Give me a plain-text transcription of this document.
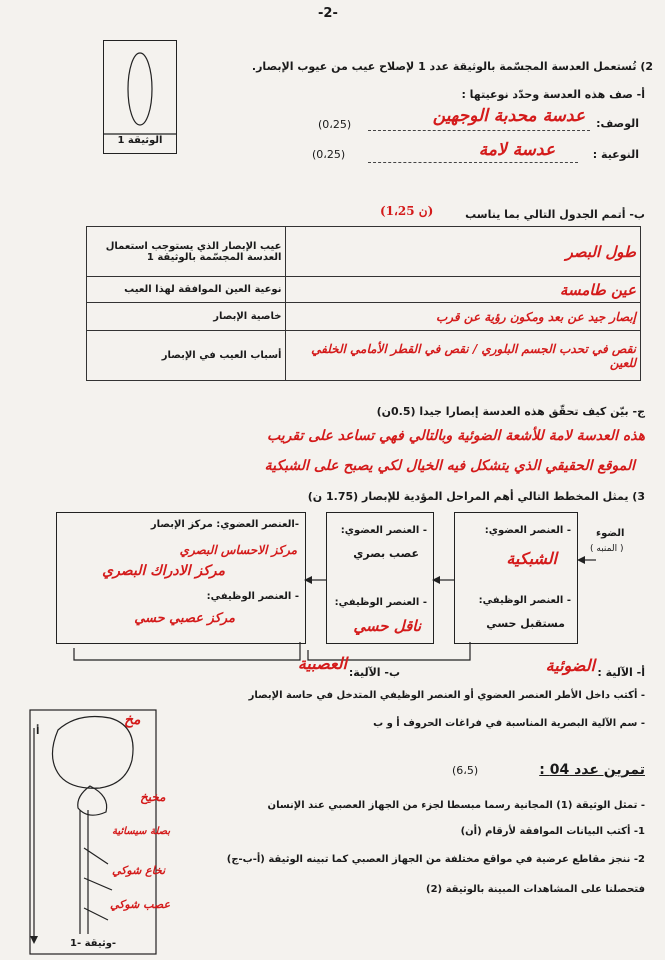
-2-
الوثيقة 1
2) تُستعمل العدسة المجسّمة بالوثيقة عدد 1 لإصلاح عيب من عيوب الإبصار.
أ- صف هذه العدسة وحدّد نوعيتها :
الوصف:
عدسة محدبة الوجهين
(0،25)
النوعية :
عدسة لامة
(0،25)
ب- أتمم الجدول التالي بما يناسب
(1،25 ن)
عيب الإبصار الذي يستوجب استعمال العدسة المجسّمة بالوثيقة 1	طول البصر
نوعية العين الموافقة لهذا العيب	عين طامسة
خاصية الإبصار	إبصار جيد عن بعد ومكون رؤية عن قرب
أسباب العيب في الإبصار	نقص في تحدب الجسم البلوري / نقص في القطر الأمامي الخلفي للعين
ج- بيّن كيف تحقّق هذه العدسة إبصارا جيدا (0.5ن)
هذه العدسة لامة للأشعة الضوئية وبالتالي فهي تساعد على تقريب
الموقع الحقيقي الذي يتشكل فيه الخيال لكي يصبح على الشبكية
3) يمثل المخطط التالي أهم المراحل المؤدية للإبصار (1.75 ن)
الضوء
( المنبه )
- العنصر العضوي:
الشبكية
- العنصر الوظيفي:
مستقبل حسي
- العنصر العضوي:
عصب بصري
- العنصر الوظيفي:
ناقل حسي
-العنصر العضوي: مركز الإبصار
مركز الاحساس البصري
مركز الادراك البصري
- العنصر الوظيفي:
مركز عصبي حسي
أ- الآلية :
الضوئية
ب- الآلية:
العصبية
- أكتب داخل الأطر العنصر العضوي أو العنصر الوظيفي المتدخل في حاسة الإبصار
- سم الآلية البصرية المناسبة في فراغات الحروف أ و ب
تمرين عدد 04 :
(6،5)
- تمثل الوثيقة (1) المجانية رسما مبسطا لجزء من الجهاز العصبي عند الإنسان
1- أكتب البيانات الموافقة لأرقام (أن)
2- ننجز مقاطع عرضية في مواقع مختلفة من الجهاز العصبي كما تبينه الوثيقة (أ-ب-ج)
فتحصلنا على المشاهدات المبينة بالوثيقة (2)
أ
مخ
مخيخ
بصلة سيسائية
نخاع شوكي
عصب شوكي
وثيقة -1-
